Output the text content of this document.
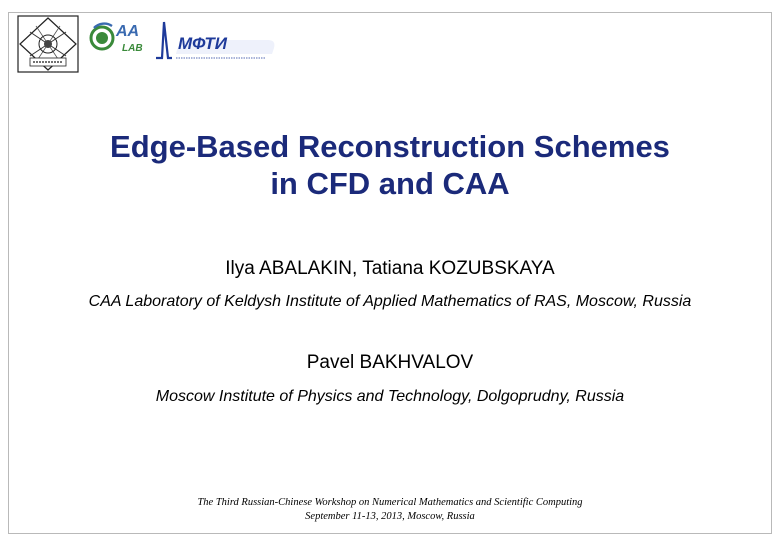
AA
LAB МФТИ
Edge-Based Reconstruction Schemes
in CFD and CAA
Ilya ABALAKIN, Tatiana KOZUBSKAYA
CAA Laboratory of Keldysh Institute of Applied Mathematics of RAS, Moscow, Russia
Pavel BAKHVALOV
Moscow Institute of Physics and Technology, Dolgoprudny, Russia
The Third Russian-Chinese Workshop on Numerical Mathematics and Scientific Computing
September 11-13, 2013, Moscow, Russia
